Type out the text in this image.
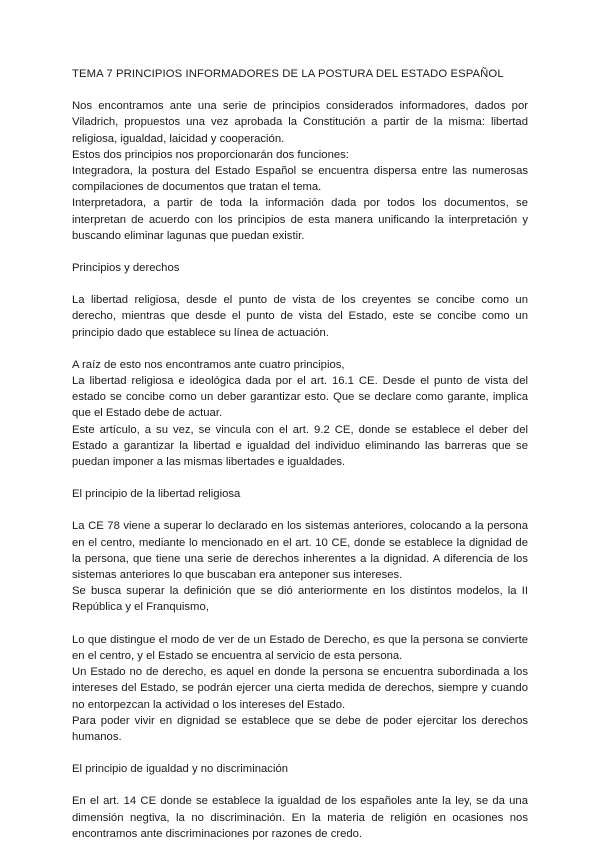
TEMA 7 PRINCIPIOS INFORMADORES DE LA POSTURA DEL ESTADO ESPAÑOL

Nos encontramos ante una serie de principios considerados informadores, dados por Viladrich, propuestos una vez aprobada la Constitución a partir de la misma: libertad religiosa, igualdad, laicidad y cooperación.

Estos dos principios nos proporcionarán dos funciones:

Integradora, la postura del Estado Español se encuentra dispersa entre las numerosas compilaciones de documentos que tratan el tema.

Interpretadora, a partir de toda la información dada por todos los documentos, se interpretan de acuerdo con los principios de esta manera unificando la interpretación y buscando eliminar lagunas que puedan existir.

Principios y derechos

La libertad religiosa, desde el punto de vista de los creyentes se concibe como un derecho, mientras que desde el punto de vista del Estado, este se concibe como un principio dado que establece su línea de actuación.

A raíz de esto nos encontramos ante cuatro principios,

La libertad religiosa e ideológica dada por el art. 16.1 CE. Desde el punto de vista del estado se concibe como un deber garantizar esto. Que se declare como garante, implica que el Estado debe de actuar.

Este artículo, a su vez, se vincula con el art. 9.2 CE, donde se establece el deber del Estado a garantizar la libertad e igualdad del individuo eliminando las barreras que se puedan imponer a las mismas libertades e igualdades.

El principio de la libertad religiosa

La CE 78 viene a superar lo declarado en los sistemas anteriores, colocando a la persona en el centro, mediante lo mencionado en el art. 10 CE, donde se establece la dignidad de la persona, que tiene una serie de derechos inherentes a la dignidad. A diferencia de los sistemas anteriores lo que buscaban era anteponer sus intereses.

Se busca superar la definición que se dió anteriormente en los distintos modelos, la II República y el Franquismo,

Lo que distingue el modo de ver de un Estado de Derecho, es que la persona se convierte en el centro, y el Estado se encuentra al servicio de esta persona.

Un Estado no de derecho, es aquel en donde la persona se encuentra subordinada a los intereses del Estado, se podrán ejercer una cierta medida de derechos, siempre y cuando no entorpezcan la actividad o los intereses del Estado.

Para poder vivir en dignidad se establece que se debe de poder ejercitar los derechos humanos.

El principio de igualdad y no discriminación

En el art. 14 CE donde se establece la igualdad de los españoles ante la ley, se da una dimensión negtiva, la no discriminación. En la materia de religión en ocasiones nos encontramos ante discriminaciones por razones de credo.
